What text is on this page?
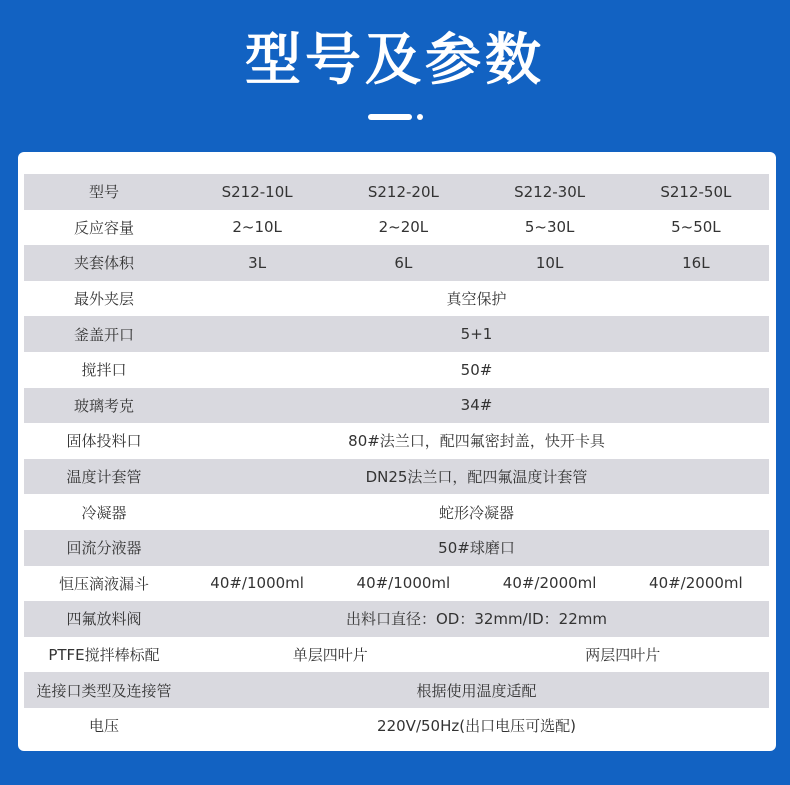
型号及参数
型号	S212-10L	S212-20L	S212-30L	S212-50L
反应容量	2~10L	2~20L	5~30L	5~50L
夹套体积	3L	6L	10L	16L
最外夹层	真空保护			
釜盖开口	5+1			
搅拌口	50#			
玻璃考克	34#			
固体投料口	80#法兰口，配四氟密封盖，快开卡具			
温度计套管	DN25法兰口，配四氟温度计套管			
冷凝器	蛇形冷凝器			
回流分液器	50#球磨口			
恒压滴液漏斗	40#/1000ml	40#/1000ml	40#/2000ml	40#/2000ml
四氟放料阀	出料口直径：OD：32mm/ID：22mm			
PTFE搅拌棒标配	单层四叶片		两层四叶片	
连接口类型及连接管	根据使用温度适配			
电压	220V/50Hz(出口电压可选配)			
